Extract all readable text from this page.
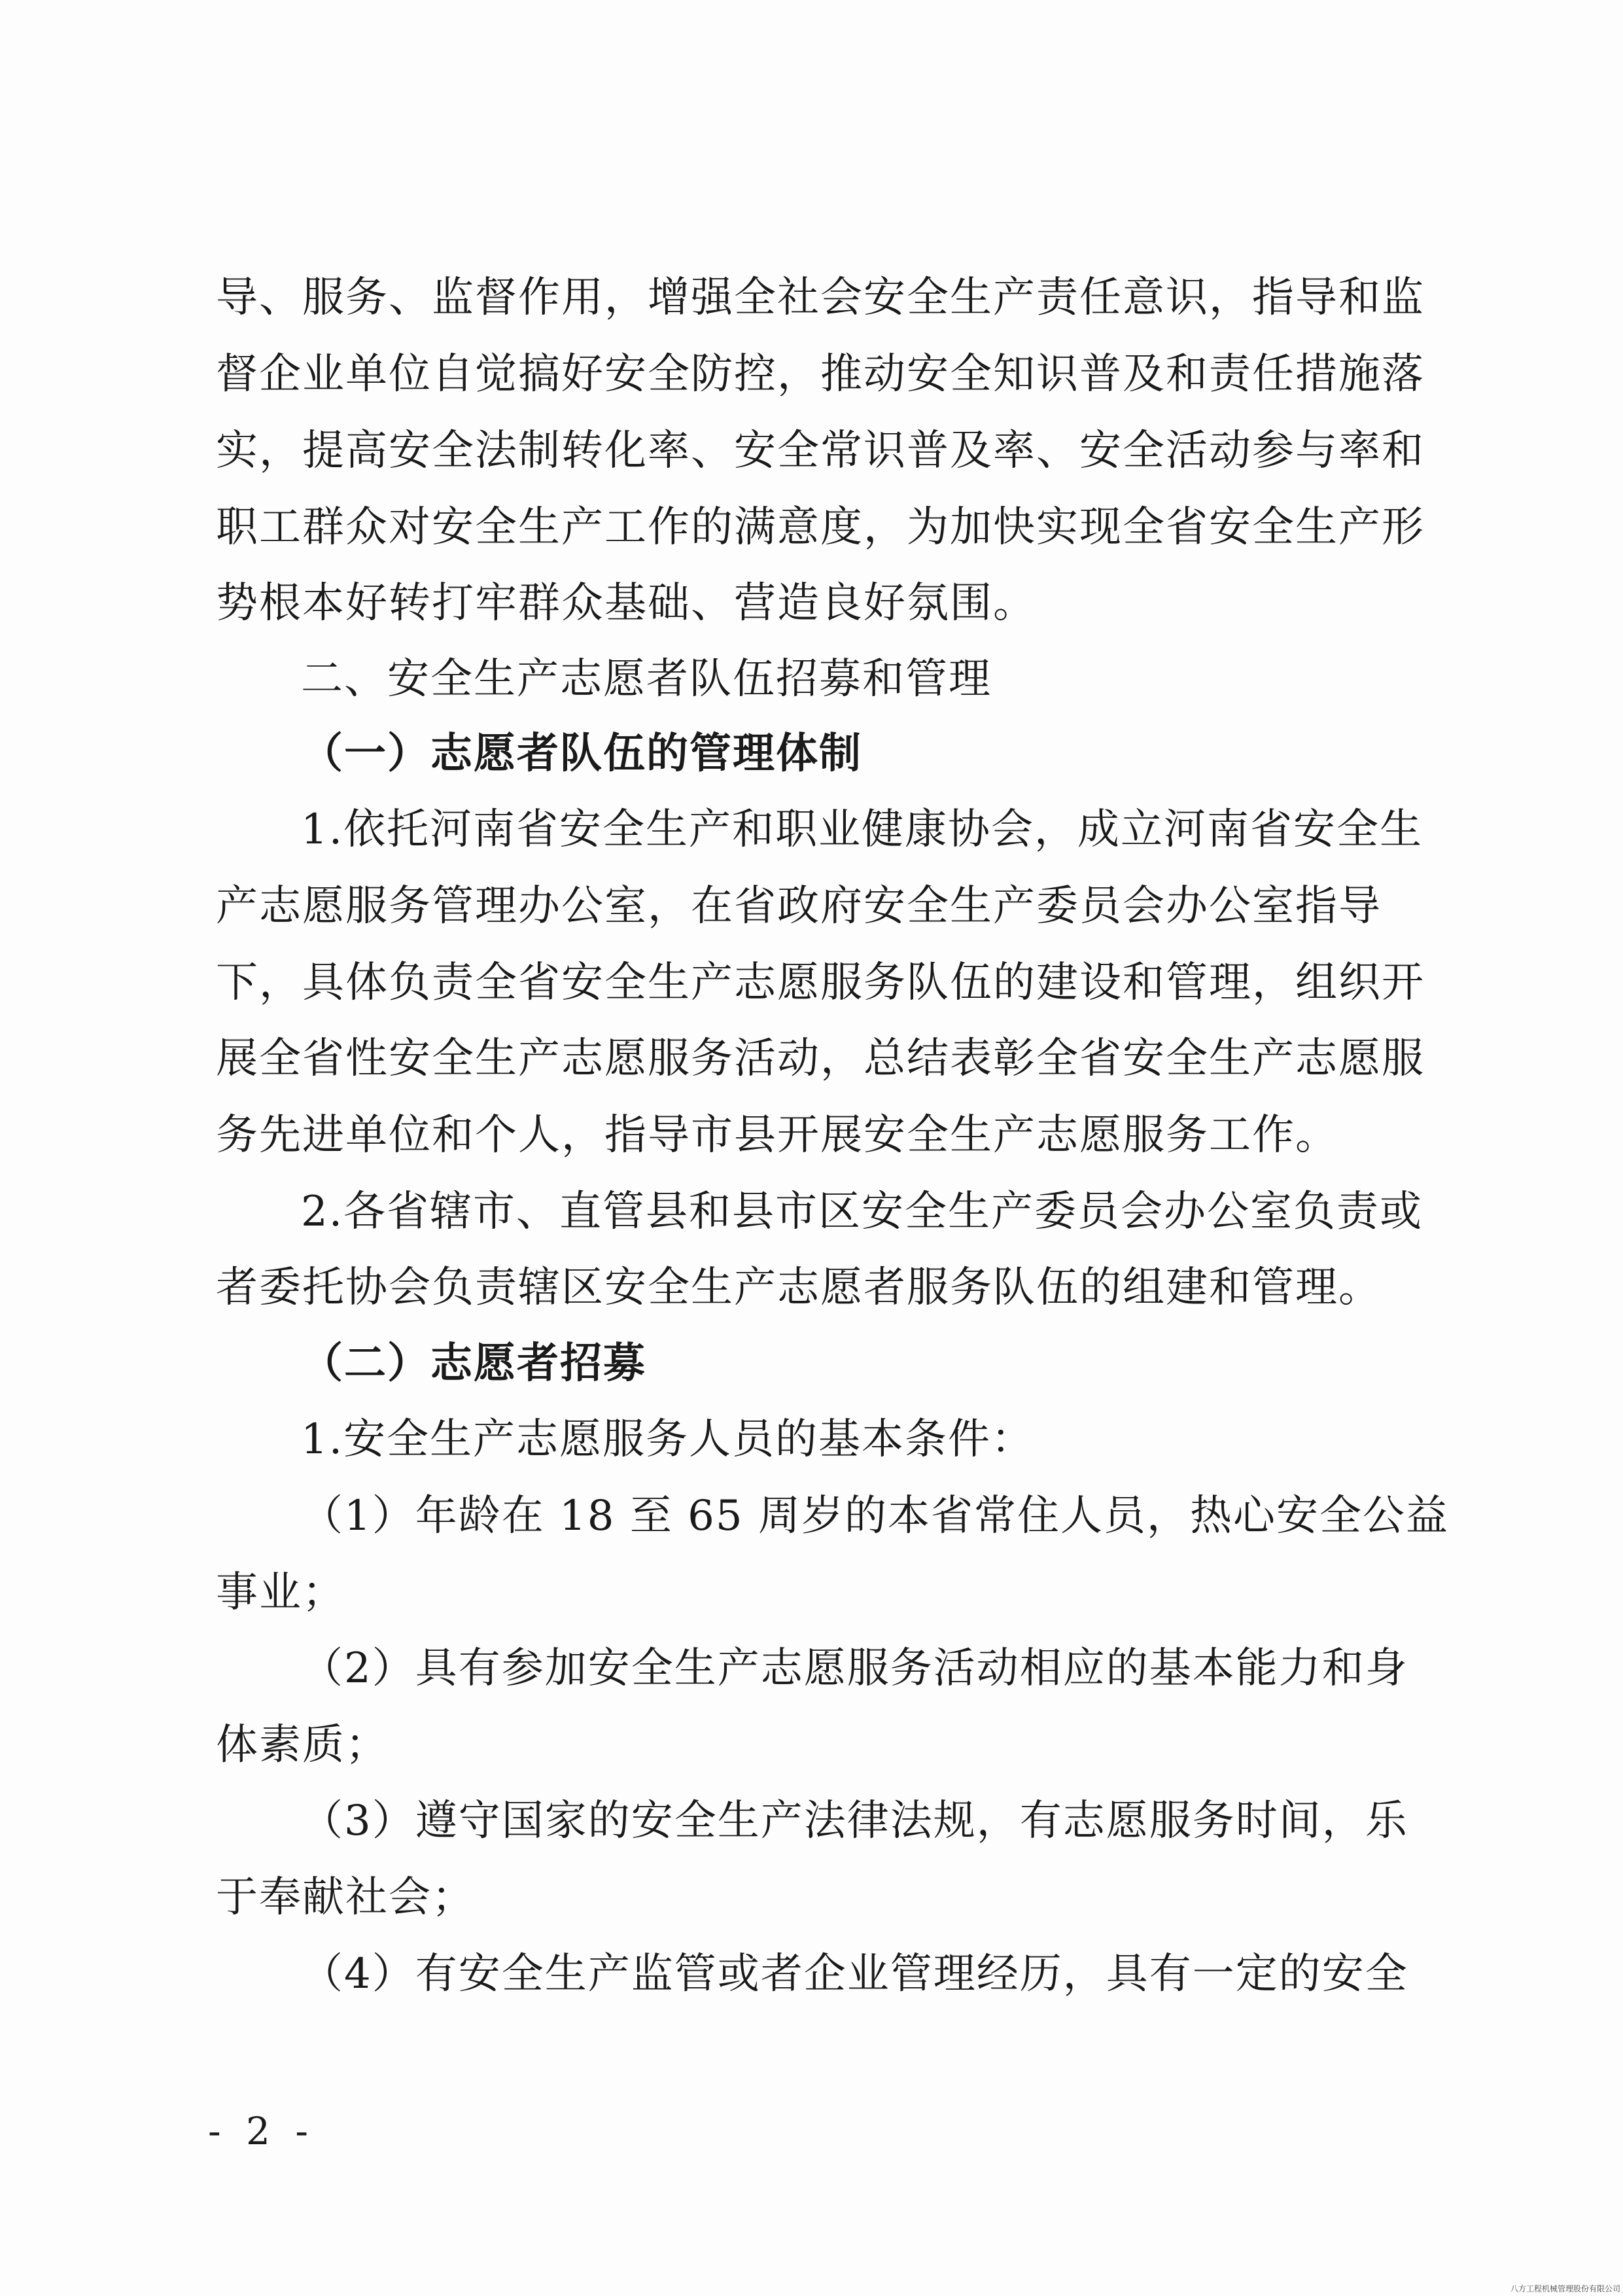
导、服务、监督作用，增强全社会安全生产责任意识，指导和监
督企业单位自觉搞好安全防控，推动安全知识普及和责任措施落
实，提高安全法制转化率、安全常识普及率、安全活动参与率和
职工群众对安全生产工作的满意度，为加快实现全省安全生产形
势根本好转打牢群众基础、营造良好氛围。
二、安全生产志愿者队伍招募和管理
（一）志愿者队伍的管理体制
1.依托河南省安全生产和职业健康协会，成立河南省安全生
产志愿服务管理办公室，在省政府安全生产委员会办公室指导
下，具体负责全省安全生产志愿服务队伍的建设和管理，组织开
展全省性安全生产志愿服务活动，总结表彰全省安全生产志愿服
务先进单位和个人，指导市县开展安全生产志愿服务工作。
2.各省辖市、直管县和县市区安全生产委员会办公室负责或
者委托协会负责辖区安全生产志愿者服务队伍的组建和管理。
（二）志愿者招募
1.安全生产志愿服务人员的基本条件：
（1）年龄在 18 至 65 周岁的本省常住人员，热心安全公益
事业；
（2）具有参加安全生产志愿服务活动相应的基本能力和身
体素质；
（3）遵守国家的安全生产法律法规，有志愿服务时间，乐
于奉献社会；
（4）有安全生产监管或者企业管理经历，具有一定的安全
- 2 -
八方工程机械管理股份有限公司
